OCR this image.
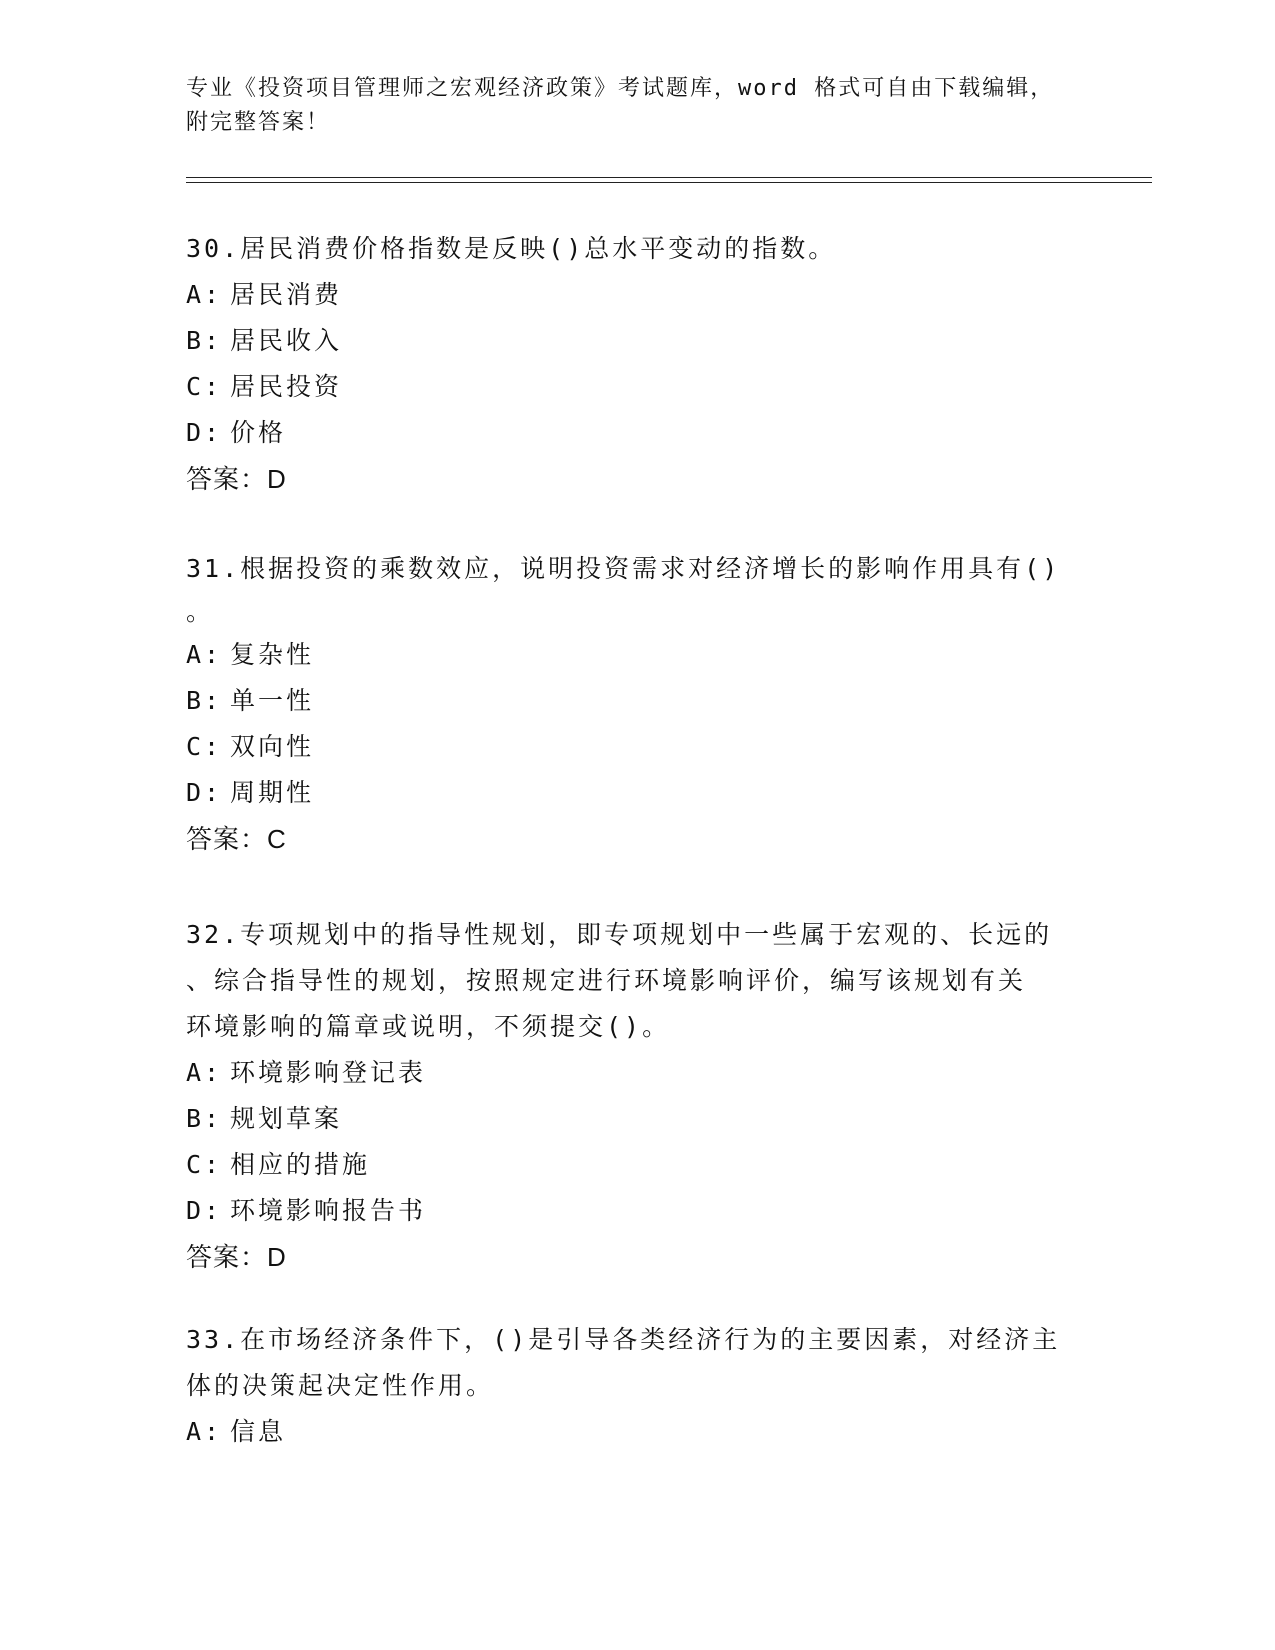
专业《投资项目管理师之宏观经济政策》考试题库，word 格式可自由下载编辑，
附完整答案！
30.居民消费价格指数是反映()总水平变动的指数。
A: 居民消费
B: 居民收入
C: 居民投资
D: 价格
答案：D
31.根据投资的乘数效应，说明投资需求对经济增长的影响作用具有()
。
A: 复杂性
B: 单一性
C: 双向性
D: 周期性
答案：C
32.专项规划中的指导性规划，即专项规划中一些属于宏观的、长远的
、综合指导性的规划，按照规定进行环境影响评价，编写该规划有关
环境影响的篇章或说明，不须提交()。
A: 环境影响登记表
B: 规划草案
C: 相应的措施
D: 环境影响报告书
答案：D
33.在市场经济条件下，()是引导各类经济行为的主要因素，对经济主
体的决策起决定性作用。
A: 信息
